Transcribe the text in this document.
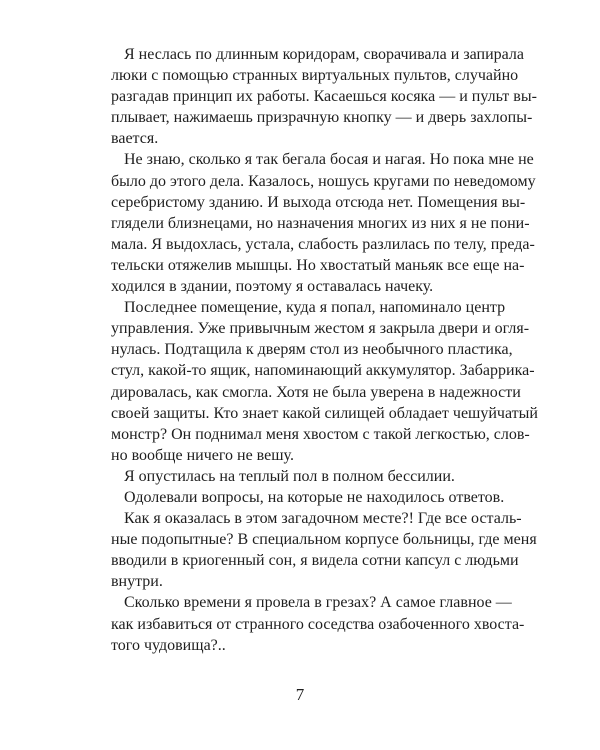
Я неслась по длинным коридорам, сворачивала и запирала
люки с помощью странных виртуальных пультов, случайно
разгадав принцип их работы. Касаешься косяка — и пульт вы-
плывает, нажимаешь призрачную кнопку — и дверь захлопы-
вается.
Не знаю, сколько я так бегала босая и нагая. Но пока мне не
было до этого дела. Казалось, ношусь кругами по неведомому
серебристому зданию. И выхода отсюда нет. Помещения вы-
глядели близнецами, но назначения многих из них я не пони-
мала. Я выдохлась, устала, слабость разлилась по телу, преда-
тельски отяжелив мышцы. Но хвостатый маньяк все еще на-
ходился в здании, поэтому я оставалась начеку.
Последнее помещение, куда я попал, напоминало центр
управления. Уже привычным жестом я закрыла двери и огля-
нулась. Подтащила к дверям стол из необычного пластика,
стул, какой-то ящик, напоминающий аккумулятор. Забаррика-
дировалась, как смогла. Хотя не была уверена в надежности
своей защиты. Кто знает какой силищей обладает чешуйчатый
монстр? Он поднимал меня хвостом с такой легкостью, слов-
но вообще ничего не вешу.
Я опустилась на теплый пол в полном бессилии.
Одолевали вопросы, на которые не находилось ответов.
Как я оказалась в этом загадочном месте?! Где все осталь-
ные подопытные? В специальном корпусе больницы, где меня
вводили в криогенный сон, я видела сотни капсул с людьми
внутри.
Сколько времени я провела в грезах? А самое главное —
как избавиться от странного соседства озабоченного хвоста-
того чудовища?..
7
